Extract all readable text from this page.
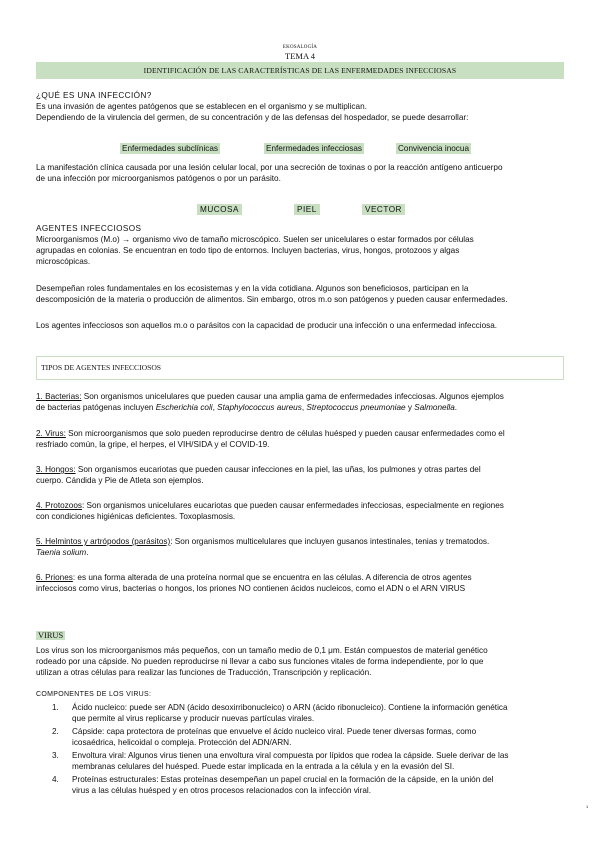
EKOSALOGÍA
TEMA 4
IDENTIFICACIÓN DE LAS CARACTERÍSTICAS DE LAS ENFERMEDADES INFECCIOSAS
¿QUÉ ES UNA INFECCIÓN?
Es una invasión de agentes patógenos que se establecen en el organismo y se multiplican.
Dependiendo de la virulencia del germen, de su concentración y de las defensas del hospedador, se puede desarrollar:
Enfermedades subclínicas	Enfermedades infecciosas	Convivencia inocua
La manifestación clínica causada por una lesión celular local, por una secreción de toxinas o por la reacción antígeno anticuerpo
de una infección por microorganismos patógenos o por un parásito.
MUCOSA	PIEL	VECTOR
AGENTES INFECCIOSOS
Microorganismos (M.o) → organismo vivo de tamaño microscópico. Suelen ser unicelulares o estar formados por células
agrupadas en colonias. Se encuentran en todo tipo de entornos. Incluyen bacterias, virus, hongos, protozoos y algas
microscópicas.
Desempeñan roles fundamentales en los ecosistemas y en la vida cotidiana. Algunos son beneficiosos, participan en la
descomposición de la materia o producción de alimentos. Sin embargo, otros m.o son patógenos y pueden causar enfermedades.
Los agentes infecciosos son aquellos m.o o parásitos con la capacidad de producir una infección o una enfermedad infecciosa.
TIPOS DE AGENTES INFECCIOSOS
1. Bacterias: Son organismos unicelulares que pueden causar una amplia gama de enfermedades infecciosas. Algunos ejemplos
de bacterias patógenas incluyen Escherichia coli, Staphylococcus aureus, Streptococcus pneumoniae y Salmonella.
2. Virus: Son microorganismos que solo pueden reproducirse dentro de células huésped y pueden causar enfermedades como el
resfriado común, la gripe, el herpes, el VIH/SIDA y el COVID-19.
3. Hongos: Son organismos eucariotas que pueden causar infecciones en la piel, las uñas, los pulmones y otras partes del
cuerpo. Cándida y Pie de Atleta son ejemplos.
4. Protozoos: Son organismos unicelulares eucariotas que pueden causar enfermedades infecciosas, especialmente en regiones
con condiciones higiénicas deficientes. Toxoplasmosis.
5. Helmintos y artrópodos (parásitos): Son organismos multicelulares que incluyen gusanos intestinales, tenias y trematodos.
Taenia solium.
6. Priones: es una forma alterada de una proteína normal que se encuentra en las células. A diferencia de otros agentes
infecciosos como virus, bacterias o hongos, los priones NO contienen ácidos nucleicos, como el ADN o el ARN VIRUS
VIRUS
Los virus son los microorganismos más pequeños, con un tamaño medio de 0,1 μm. Están compuestos de material genético
rodeado por una cápside. No pueden reproducirse ni llevar a cabo sus funciones vitales de forma independiente, por lo que
utilizan a otras células para realizar las funciones de Traducción, Transcripción y replicación.
COMPONENTES DE LOS VIRUS:
1. Ácido nucleico: puede ser ADN (ácido desoxirribonucleico) o ARN (ácido ribonucleico). Contiene la información genética
que permite al virus replicarse y producir nuevas partículas virales.
2. Cápside: capa protectora de proteínas que envuelve el ácido nucleico viral. Puede tener diversas formas, como
icosaédrica, helicoidal o compleja. Protección del ADN/ARN.
3. Envoltura viral: Algunos virus tienen una envoltura viral compuesta por lípidos que rodea la cápside. Suele derivar de las
membranas celulares del huésped. Puede estar implicada en la entrada a la célula y en la evasión del SI.
4. Proteínas estructurales: Estas proteínas desempeñan un papel crucial en la formación de la cápside, en la unión del
virus a las células huésped y en otros procesos relacionados con la infección viral.
1
